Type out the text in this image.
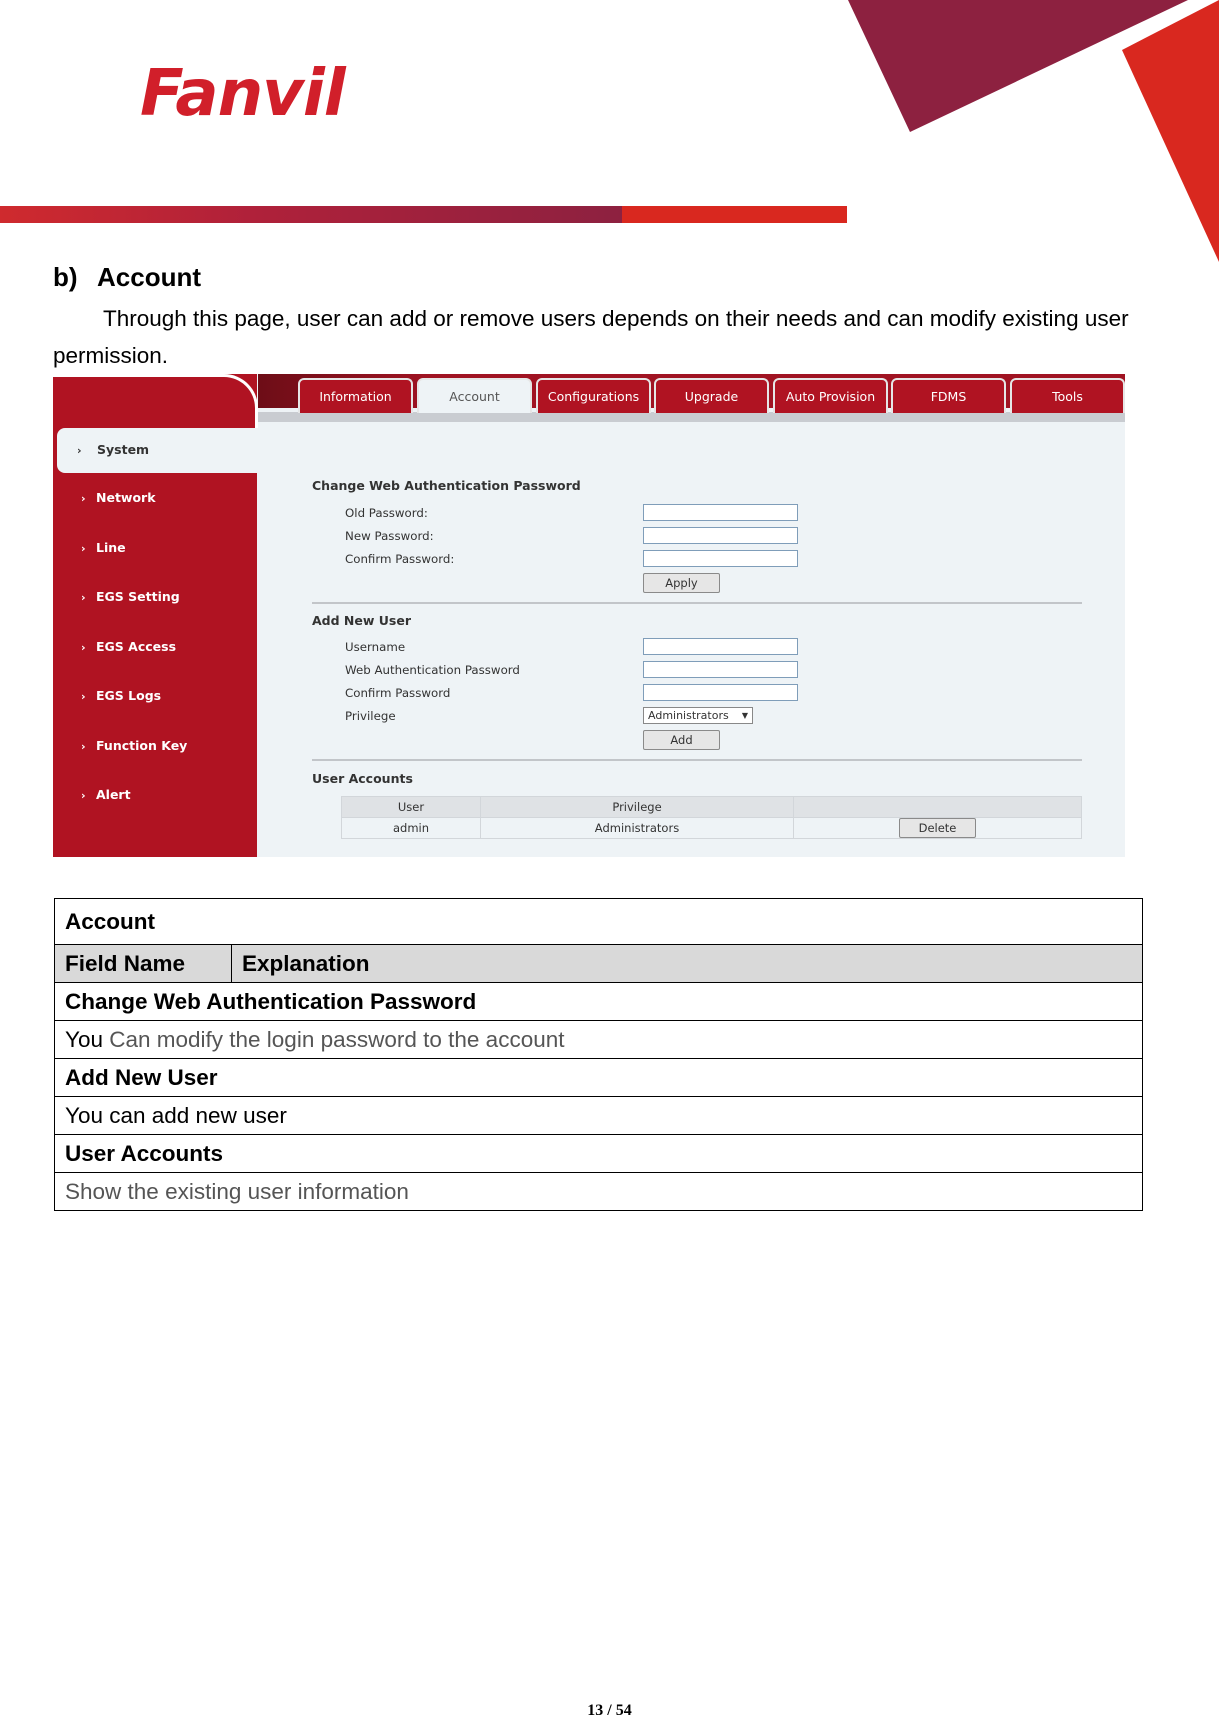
Fanvil
b) Account
Through this page, user can add or remove users depends on their needs and can modify existing user permission.
Information	Account	Configurations	Upgrade	Auto Provision	FDMS	Tools
› System
› Network
› Line
› EGS Setting
› EGS Access
› EGS Logs
› Function Key
› Alert
Change Web Authentication Password
Old Password:
New Password:
Confirm Password:
Apply
Add New User
Username
Web Authentication Password
Confirm Password
Privilege	Administrators ▼
Add
User Accounts
User	Privilege	
admin	Administrators	Delete
Account
Field Name	Explanation
Change Web Authentication Password
You Can modify the login password to the account
Add New User
You can add new user
User Accounts
Show the existing user information
13 / 54
